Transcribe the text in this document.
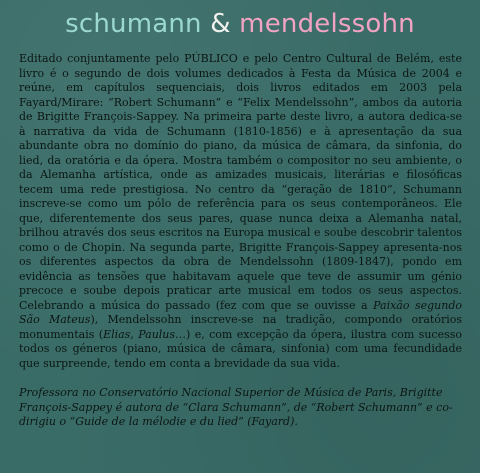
schumann & mendelssohn

Editado conjuntamente pelo PÚBLICO e pelo Centro Cultural de Belém, este livro é o segundo de dois volumes dedicados à Festa da Música de 2004 e reúne, em capítulos sequenciais, dois livros editados em 2003 pela Fayard/Mirare: “Robert Schumann” e “Felix Mendelssohn”, ambos da autoria de Brigitte François-Sappey. Na primeira parte deste livro, a autora dedica-se à narrativa da vida de Schumann (1810-1856) e à apresentação da sua abundante obra no domínio do piano, da música de câmara, da sinfonia, do lied, da oratória e da ópera. Mostra também o compositor no seu ambiente, o da Alemanha artística, onde as amizades musicais, literárias e filosóficas tecem uma rede prestigiosa. No centro da “geração de 1810”, Schumann inscreve-se como um pólo de referência para os seus contemporâneos. Ele que, diferentemente dos seus pares, quase nunca deixa a Alemanha natal, brilhou através dos seus escritos na Europa musical e soube descobrir talentos como o de Chopin. Na segunda parte, Brigitte François-Sappey apresenta-nos os diferentes aspectos da obra de Mendelssohn (1809-1847), pondo em evidência as tensões que habitavam aquele que teve de assumir um génio precoce e soube depois praticar arte musical em todos os seus aspectos. Celebrando a música do passado (fez com que se ouvisse a Paixão segundo São Mateus), Mendelssohn inscreve-se na tradição, compondo oratórios monumentais (Elias, Paulus…) e, com excepção da ópera, ilustra com sucesso todos os géneros (piano, música de câmara, sinfonia) com uma fecundidade que surpreende, tendo em conta a brevidade da sua vida.

Professora no Conservatório Nacional Superior de Música de Paris, Brigitte François-Sappey é autora de “Clara Schumann”, de “Robert Schumann” e co-dirigiu o “Guide de la mélodie e du lied” (Fayard).
